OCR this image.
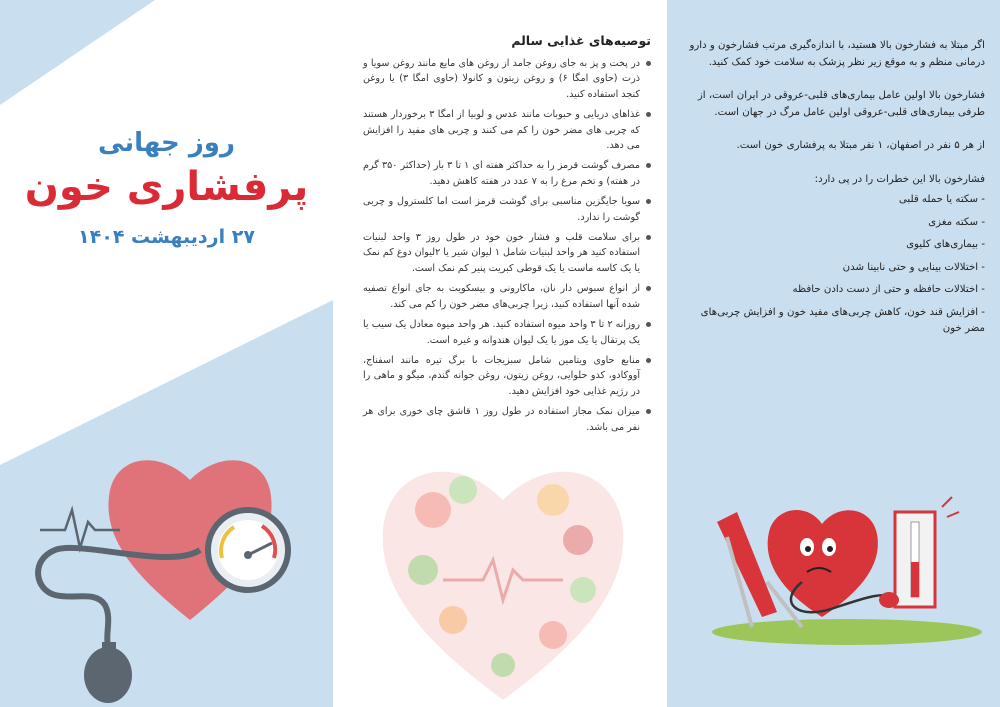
روز جهانی
پرفشاری خون
۲۷ اردیبهشت ۱۴۰۴
توصیه‌های غذایی سالم
در پخت و پز به جای روغن جامد از روغن های مایع مانند روغن سویا و ذرت (حاوی امگا ۶) و روغن زیتون و کانولا (حاوی امگا ۳) یا روغن کنجد استفاده کنید.
غذاهای دریایی و حبوبات مانند عدس و لوبیا از امگا ۳ برخوردار هستند که چربی های مضر خون را کم می کنند و چربی های مفید را افزایش می دهد.
مصرف گوشت قرمز را به حداکثر هفته ای ۱ تا ۳ بار (حداکثر ۳۵۰ گرم در هفته) و تخم مرغ را به ۷ عدد در هفته کاهش دهید.
سویا جایگزین مناسبی برای گوشت قرمز است اما کلسترول و چربی گوشت را ندارد.
برای سلامت قلب و فشار خون خود در طول روز ۳ واحد لبنیات استفاده کنید هر واحد لبنیات شامل ۱ لیوان شیر یا ۲لیوان دوغ کم نمک یا یک کاسه ماست یا یک قوطی کبریت پنیر کم نمک است.
از انواع سبوس دار نان، ماکارونی و بیسکویت به جای انواع تصفیه شده آنها استفاده کنید، زیرا چربی‌های مضر خون را کم می کند.
روزانه ۲ تا ۳ واحد میوه استفاده کنید. هر واحد میوه معادل یک سیب یا یک پرتقال یا یک موز یا یک لیوان هندوانه و غیره است.
منابع حاوی ویتامین شامل سبزیجات با برگ تیره مانند اسفناج، آووکادو، کدو حلوایی، روغن زیتون، روغن جوانه گندم، میگو و ماهی را در رژیم غذایی خود افزایش دهید.
میزان نمک مجاز استفاده در طول روز ۱ قاشق چای خوری برای هر نفر می باشد.

اگر مبتلا به فشارخون بالا هستید، با اندازه‌گیری مرتب فشارخون و دارو درمانی منظم و به موقع زیر نظر پزشک به سلامت خود کمک کنید.

فشارخون بالا اولین عامل بیماری‌های قلبی-عروقی در ایران است، از طرفی بیماری‌های قلبی-عروقی اولین عامل مرگ در جهان است.

از هر ۵ نفر در اصفهان، ۱ نفر مبتلا به پرفشاری خون است.

فشارخون بالا این خطرات را در پی دارد:
- سکته یا حمله قلبی
- سکته مغزی
- بیماری‌های کلیوی
- اختلالات بینایی و حتی نابینا شدن
- اختلالات حافظه و حتی از دست دادن حافظه
- افزایش قند خون، کاهش چربی‌های مفید خون و افزایش چربی‌های مضر خون
